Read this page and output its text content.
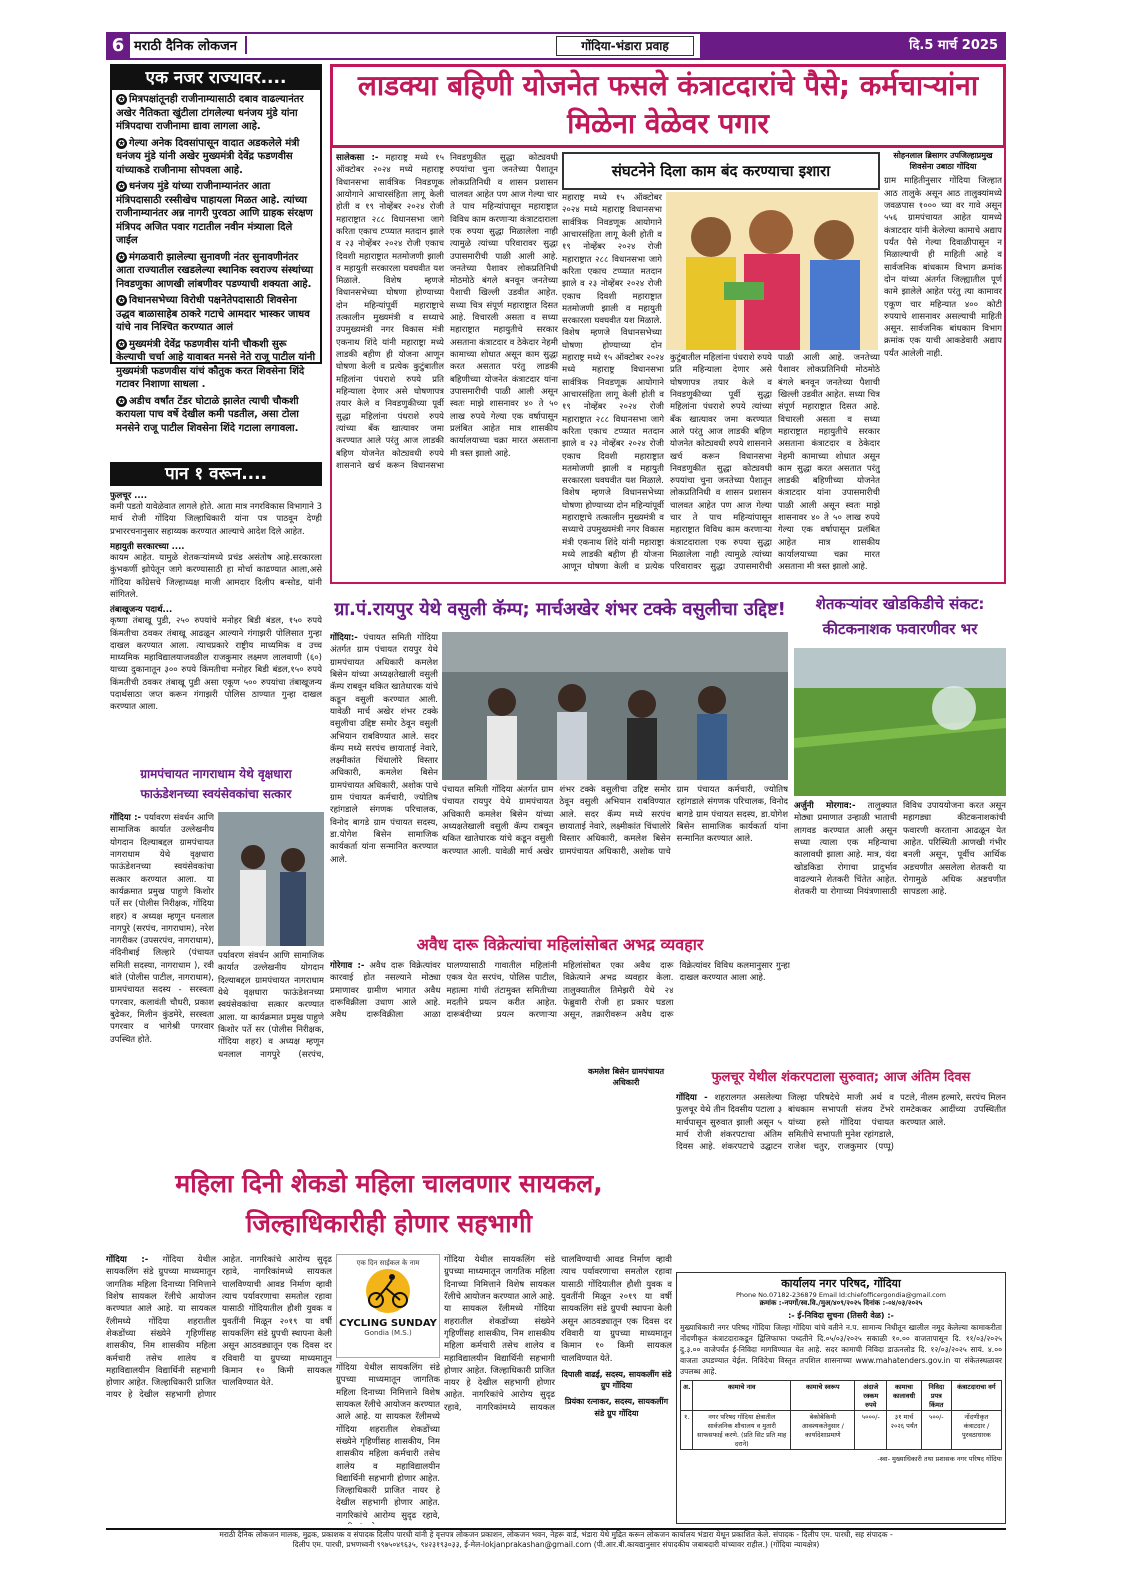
6 मराठी दैनिक लोकजन	दि.5 मार्च 2025
गोंदिया-भंडारा प्रवाह
एक नजर राज्यावर....
✪ मित्रपक्षांतूनही राजीनाम्यासाठी दबाव वाढल्यानंतर अखेर नैतिकता खुंटीला टांगलेल्या धनंजय मुंडे यांना मंत्रिपदाचा राजीनामा द्यावा लागला आहे.
✪ गेल्या अनेक दिवसांपासून वादात अडकलेले मंत्री धनंजय मुंडे यांनी अखेर मुख्यमंत्री देवेंद्र फडणवीस यांच्याकडे राजीनामा सोपवला आहे.
✪ धनंजय मुंडे यांच्या राजीनाम्यानंतर आता मंत्रिपदासाठी रस्सीखेच पाहायला मिळत आहे. त्यांच्या राजीनाम्यानंतर अन्न नागरी पुरवठा आणि ग्राहक संरक्षण मंत्रिपद अजित पवार गटातील नवीन मंत्र्याला दिले जाईल
✪ मंगळवारी झालेल्या सुनावणी नंतर सुनावणीनंतर आता राज्यातील रखडलेल्या स्थानिक स्वराज्य संस्थांच्या निवडणुका आणखी लांबणीवर पडण्याची शक्यता आहे.
✪ विधानसभेच्या विरोधी पक्षनेतेपदासाठी शिवसेना उद्धव बाळासाहेब ठाकरे गटाचे आमदार भास्कर जाधव यांचे नाव निश्चित करण्यात आलं
✪ मुख्यमंत्री देवेंद्र फडणवीस यांनी चौकशी सुरू केल्याची चर्चा आहे यावाबत मनसे नेते राजू पाटील यांनी मुख्यमंत्री फडणवीस यांचं कौतुक करत शिवसेना शिंदे गटावर निशाणा साधला .
✪ अडीच वर्षांत टेंडर घोटाळे झालेत त्याची चौकशी करायला पाच वर्षे देखील कमी पडतील, असा टोला मनसेने राजू पाटील शिवसेना शिंदे गटाला लगावला.
पान १ वरून....
फुलचूर ....
कमी पडतो यावेळेवात लागले होते. आता मात्र नगरविकास विभागाने 3 मार्च रोजी गोंदिया जिल्हाधिकारी यांना पत्र पाठवून देण्ही प्रभाररचनानुसार सहाय्यक करण्यात आल्याचे आदेश दिले आहेत.
महायुती सरकारच्या ....
कायम आहेत. यामुळे शेतकऱ्यांमध्ये प्रचंड असंतोष आहे.सरकारला कुंभकर्णी झोपेतून जागे करण्यासाठी हा मोर्चा काढण्यात आला,असे गोंदिया काँग्रेसचे जिल्हाध्यक्ष माजी आमदार दिलीप बन्सोड, यांनी सांगितले.
तंबाखूजन्य पदार्थ...
कृष्णा तंबाखू पुडी, २५० रुपयांचे मनोहर बिडी बंडल, १५० रुपये किंमतीचा ठवकर तंबाखू आढळून आल्याने गंगाझरी पोलिसात गुन्हा दाखल करण्यात आला. त्याचप्रकारे राष्ट्रीय माध्यमिक व उच्च माध्यमिक महाविद्यालयाजवळील राजकुमार लक्ष्मण लालवाणी (६०) याच्या दुकानातून ३०० रुपये किंमतीचा मनोहर बिडी बंडल,१५० रुपये किंमतीची ठवकर तंबाखू पुडी असा एकूण ५०० रुपयांचा तंबाखूजन्य पदार्थसाठा जप्त करून गंगाझरी पोलिस ठाण्यात गुन्हा दाखल करण्यात आला.
लाडक्या बहिणी योजनेत फसले कंत्राटदारांचे पैसे; कर्मचाऱ्यांना मिळेना वेळेवर पगार
सालेकसा :- महाराष्ट्र मध्ये १५ ऑक्टोबर २०२४ मध्ये महाराष्ट्र विधानसभा सार्वत्रिक निवडणूक आयोगाने आचारसंहिता लागू केली होती व १९ नोव्हेंबर २०२४ रोजी महाराष्ट्रात २८८ विधानसभा जागे करिता एकाच टप्प्यात मतदान झाले व २३ नोव्हेंबर २०२४ रोजी एकाच दिवशी महाराष्ट्रात मतमोजणी झाली व महायुती सरकारला घवघवीत यश मिळाले. विशेष म्हणजे विधानसभेच्या घोषणा होण्याच्या दोन महिन्यांपूर्वी महाराष्ट्राचे तत्कालीन मुख्यमंत्री व सध्याचे उपमुख्यमंत्री नगर विकास मंत्री एकनाथ शिंदे यांनी महाराष्ट्रा मध्ये लाडकी बहीण ही योजना आणून घोषणा केली व प्रत्येक कुटुंबातील महिलांना पंधराशे रुपये प्रति महिन्याला देणार असे घोषणापत्र तयार केले व निवडणुकीच्या पूर्वी सुद्धा महिलांना पंधराशे रुपये त्यांच्या बँक खात्यावर जमा करण्यात आले परंतु आज लाडकी बहिण योजनेत कोट्यवधी रुपये शासनाने खर्च करून विधानसभा निवडणुकीत सुद्धा कोट्यवधी रुपयांचा चुना जनतेच्या पैशातून लोकप्रतिनिधी व शासन प्रशासन चालवत आहेत पण आज गेल्या चार ते पाच महिन्यांपासून महाराष्ट्रात विविध काम करणाऱ्या कंत्राटदाराला एक रुपया सुद्धा मिळालेला नाही त्यामुळे त्यांच्या परिवारावर सुद्धा उपासमारीची पाळी आली आहे. जनतेच्या पैशावर लोकप्रतिनिधी मोठमोठे बंगले बनवून जनतेच्या पैशाची खिल्ली उडवीत आहेत. सध्या चित्र संपूर्ण महाराष्ट्रात दिसत आहे. विचारली असता व सध्या महाराष्ट्रात महायुतीचे सरकार असताना कंत्राटदार व ठेकेदार नेहमी कामाच्या शोधात असून काम सुद्धा करत असतात परंतु लाडकी बहिणीच्या योजनेत कंत्राटदार यांना उपासमारीची पाळी आली असून स्वतः माझे शासनावर ४० ते ५० लाख रुपये गेल्या एक वर्षापासून प्रलंबित आहेत मात्र शासकीय कार्यालयाच्या चक्रा मारत असताना मी त्रस्त झालो आहे.
संघटनेने दिला काम बंद करण्याचा इशारा
महाराष्ट्र मध्ये १५ ऑक्टोबर २०२४ मध्ये महाराष्ट्र विधानसभा सार्वत्रिक निवडणूक आयोगाने आचारसंहिता लागू केली होती व १९ नोव्हेंबर २०२४ रोजी महाराष्ट्रात २८८ विधानसभा जागे करिता एकाच टप्प्यात मतदान झाले व २३ नोव्हेंबर २०२४ रोजी एकाच दिवशी महाराष्ट्रात मतमोजणी झाली व महायुती सरकारला घवघवीत यश मिळाले. विशेष म्हणजे विधानसभेच्या घोषणा होण्याच्या दोन
महाराष्ट्र मध्ये १५ ऑक्टोबर २०२४ मध्ये महाराष्ट्र विधानसभा सार्वत्रिक निवडणूक आयोगाने आचारसंहिता लागू केली होती व १९ नोव्हेंबर २०२४ रोजी महाराष्ट्रात २८८ विधानसभा जागे करिता एकाच टप्प्यात मतदान झाले व २३ नोव्हेंबर २०२४ रोजी एकाच दिवशी महाराष्ट्रात मतमोजणी झाली व महायुती सरकारला घवघवीत यश मिळाले. विशेष म्हणजे विधानसभेच्या घोषणा होण्याच्या दोन महिन्यांपूर्वी महाराष्ट्राचे तत्कालीन मुख्यमंत्री व सध्याचे उपमुख्यमंत्री नगर विकास मंत्री एकनाथ शिंदे यांनी महाराष्ट्रा मध्ये लाडकी बहीण ही योजना आणून घोषणा केली व प्रत्येक कुटुंबातील महिलांना पंधराशे रुपये प्रति महिन्याला देणार असे घोषणापत्र तयार केले व निवडणुकीच्या पूर्वी सुद्धा महिलांना पंधराशे रुपये त्यांच्या बँक खात्यावर जमा करण्यात आले परंतु आज लाडकी बहिण योजनेत कोट्यवधी रुपये शासनाने खर्च करून विधानसभा निवडणुकीत सुद्धा कोट्यवधी रुपयांचा चुना जनतेच्या पैशातून लोकप्रतिनिधी व शासन प्रशासन चालवत आहेत पण आज गेल्या चार ते पाच महिन्यांपासून महाराष्ट्रात विविध काम करणाऱ्या कंत्राटदाराला एक रुपया सुद्धा मिळालेला नाही त्यामुळे त्यांच्या परिवारावर सुद्धा उपासमारीची पाळी आली आहे. जनतेच्या पैशावर लोकप्रतिनिधी मोठमोठे बंगले बनवून जनतेच्या पैशाची खिल्ली उडवीत आहेत. सध्या चित्र संपूर्ण महाराष्ट्रात दिसत आहे. विचारली असता व सध्या महाराष्ट्रात महायुतीचे सरकार असताना कंत्राटदार व ठेकेदार नेहमी कामाच्या शोधात असून काम सुद्धा करत असतात परंतु लाडकी बहिणीच्या योजनेत कंत्राटदार यांना उपासमारीची पाळी आली असून स्वतः माझे शासनावर ४० ते ५० लाख रुपये गेल्या एक वर्षापासून प्रलंबित आहेत मात्र शासकीय कार्यालयाच्या चक्रा मारत असताना मी त्रस्त झालो आहे.
सोहनलाल ब्रिसागर उपजिल्हाप्रमुख शिवसेना उबाठा गोंदिया
ग्राम माहितीनुसार गोंदिया जिल्हात आठ तालुके असून आठ तालुक्यांमध्ये जवळपास १००० च्या वर गावे असून ५५६ ग्रामपंचायत आहेत यामध्ये कंत्राटदार यांनी केलेल्या कामाचे अद्याप पर्यंत पैसे गेल्या दिवाळीपासून न मिळाल्याची ही माहिती आहे व सार्वजनिक बांधकाम विभाग क्रमांक दोन यांच्या अंतर्गत जिल्ह्यातील पूर्ण कामे झालेले आहेत परंतु त्या कामावर एकूण चार महिन्यात ४०० कोटी रुपयाचे शासनावर असल्याची माहिती असून. सार्वजनिक बांधकाम विभाग क्रमांक एक याची आकडेवारी अद्याप पर्यंत आलेली नाही.
ग्रा.पं.रायपुर येथे वसुली कॅम्प; मार्चअखेर शंभर टक्के वसुलीचा उद्दिष्ट!
गोंदिया:- पंचायत समिती गोंदिया अंतर्गत ग्राम पंचायत रायपुर येथे ग्रामपंचायत अधिकारी कमलेश बिसेन यांच्या अध्यक्षतेखाली वसुली कॅम्प राबवून थकित खातेधारक यांचे कडून वसुली करण्यात आली. यावेळी मार्च अखेर शंभर टक्के वसुलीचा उद्दिष्ट समोर ठेवून वसुली अभियान राबविण्यात आले. सदर कॅम्प मध्ये सरपंच छायाताई नेवारे, लक्ष्मीकांत चिंधालोरे विस्तार अधिकारी, कमलेश बिसेन ग्रामपंचायत अधिकारी, अशोक पाचे ग्राम पंचायत कर्मचारी, ज्योतिष रहांगडाले संगणक परिचालक, विनोद बागडे ग्राम पंचायत सदस्य, डा.योगेश बिसेन सामाजिक कार्यकर्ता यांना सन्मानित करण्यात आले.
पंचायत समिती गोंदिया अंतर्गत ग्राम पंचायत रायपुर येथे ग्रामपंचायत अधिकारी कमलेश बिसेन यांच्या अध्यक्षतेखाली वसुली कॅम्प राबवून थकित खातेधारक यांचे कडून वसुली करण्यात आली. यावेळी मार्च अखेर शंभर टक्के वसुलीचा उद्दिष्ट समोर ठेवून वसुली अभियान राबविण्यात आले. सदर कॅम्प मध्ये सरपंच छायाताई नेवारे, लक्ष्मीकांत चिंधालोरे विस्तार अधिकारी, कमलेश बिसेन ग्रामपंचायत अधिकारी, अशोक पाचे ग्राम पंचायत कर्मचारी, ज्योतिष रहांगडाले संगणक परिचालक, विनोद बागडे ग्राम पंचायत सदस्य, डा.योगेश बिसेन सामाजिक कार्यकर्ता यांना सन्मानित करण्यात आले.
शेतकऱ्यांवर खोडकिडीचे संकट: कीटकनाशक फवारणीवर भर
अर्जुनी मोरगाव:- तालुक्यात मोठ्या प्रमाणात उन्हाळी भाताची लागवड करण्यात आली असून सध्या त्याला एक महिन्याचा कालावधी झाला आहे. मात्र, यंदा खोडकिडा रोगाचा प्रादुर्भाव वाढल्याने शेतकरी चिंतेत आहेत. शेतकरी या रोगाच्या नियंत्रणासाठी विविध उपाययोजना करत असून महागड्या कीटकनाशकांची फवारणी करताना आढळून येत आहेत. परिस्थिती आणखी गंभीर बनली असून, पूर्वीच आर्थिक अडचणीत असलेला शेतकरी या रोगामुळे अधिक अडचणीत सापडला आहे.
ग्रामपंचायत नागराधाम येथे वृक्षधारा फाऊंडेशनच्या स्वयंसेवकांचा सत्कार
गोंदिया :- पर्यावरण संवर्धन आणि सामाजिक कार्यात उल्लेखनीय योगदान दिल्याबद्दल ग्रामपंचायत नागराधाम येथे वृक्षधारा फाऊंडेशनच्या स्वयंसेवकांचा सत्कार करण्यात आला. या कार्यक्रमात प्रमुख पाहुणे किशोर पर्ते सर (पोलीस निरीक्षक, गोंदिया शहर) व अध्यक्ष म्हणून धनलाल नागपुरे (सरपंच, नागराधाम), नरेश नागरीकर (उपसरपंच, नागराधाम), नंदिनीबाई लिल्हारे (पंचायत समिती सदस्या, नागराधाम ), रवी बांते (पोलीस पाटील, नागराधाम), ग्रामपंचायत सदस्य - सरस्वता पगरवार, कलावंती चौधरी, प्रकाश बुढेकर, मिलीन कुंडमेरे, सरस्वता पगरवार व भागेश्री पगरवार उपस्थित होते.
अवैध दारू विक्रेत्यांचा महिलांसोबत अभद्र व्यवहार
पर्यावरण संवर्धन आणि सामाजिक कार्यात उल्लेखनीय योगदान दिल्याबद्दल ग्रामपंचायत नागराधाम येथे वृक्षधारा फाऊंडेशनच्या स्वयंसेवकांचा सत्कार करण्यात आला. या कार्यक्रमात प्रमुख पाहुणे किशोर पर्ते सर (पोलीस निरीक्षक, गोंदिया शहर) व अध्यक्ष म्हणून धनलाल नागपुरे (सरपंच,
गोरेगाव :- अवैध दारू विक्रेत्यांवर कारवाई होत नसल्याने मोठ्या प्रमाणावर ग्रामीण भागात अवैध दारूविक्रीला उधाण आले आहे. अवैध दारूविक्रीला आळा घालण्यासाठी गावातील महिलांनी एकत्र येत सरपंच, पोलिस पाटील, महात्मा गांधी तंटामुक्त समितीच्या मदतीने प्रयत्न करीत आहेत. दारूबंदीच्या प्रयत्न करणाऱ्या महिलांसोबत एका अवैध दारू विक्रेत्याने अभद्र व्यवहार केला. तालुक्यातील तिमेझरी येथे २४ फेब्रुवारी रोजी हा प्रकार घडला असून, तक्रारीवरून अवैध दारू विक्रेत्यांवर विविध कलमानुसार गुन्हा दाखल करण्यात आला आहे.
फुलचूर येथील शंकरपटाला सुरुवात; आज अंतिम दिवस
गोंदिया - शहरालगत असलेल्या फुलचूर येथे तीन दिवसीय पटाला ३ मार्चपासून सुरुवात झाली असून ५ मार्च रोजी शंकरपटाचा अंतिम दिवस आहे. शंकरपटाचे उद्घाटन जिल्हा परिषदेचे माजी अर्थ व बांधकाम सभापती संजय टेंभरे यांच्या हस्ते गोंदिया पंचायत समितीचे सभापती मुनेश रहांगडाले, राजेश चतुर, राजकुमार (पप्पू) पटले, नीलम हल्मारे, सरपंच मिलन रामटेककर आदींच्या उपस्थितीत करण्यात आले.
कमलेश बिसेन ग्रामपंचायत अधिकारी
महिला दिनी शेकडो महिला चालवणार सायकल, जिल्हाधिकारीही होणार सहभागी
गोंदिया :- गोंदिया येथील सायकलिंग संडे ग्रुपच्या माध्यमातून जागतिक महिला दिनाच्या निमित्ताने विशेष सायकल रॅलीचे आयोजन करण्यात आले आहे. या सायकल रॅलीमध्ये गोंदिया शहरातील शेकडोंच्या संख्येने गृहिणींसह शासकीय, निम शासकीय महिला कर्मचारी तसेच शालेय व महाविद्यालयीन विद्यार्थिनी सहभागी होणार आहेत. जिल्हाधिकारी प्राजित नायर हे देखील सहभागी होणार आहेत. नागरिकांचे आरोग्य सुदृढ रहावे, नागरिकांमध्ये सायकल चालविण्याची आवड निर्माण व्हावी त्याच पर्यावरणाचा समतोल रहावा यासाठी गोंदियातील हौशी युवक व युवतींनी मिळून २०१९ या वर्षी सायकलिंग संडे ग्रुपची स्थापना केली असून आठवड्यातून एक दिवस दर रविवारी या ग्रुपच्या माध्यमातून किमान १० किमी सायकल चालविण्यात येते.
एक दिन साईकल के नाम
CYCLING SUNDAY
Gondia (M.S.)
गोंदिया येथील सायकलिंग संडे ग्रुपच्या माध्यमातून जागतिक महिला दिनाच्या निमित्ताने विशेष सायकल रॅलीचे आयोजन करण्यात आले आहे. या सायकल रॅलीमध्ये गोंदिया शहरातील शेकडोंच्या संख्येने गृहिणींसह शासकीय, निम शासकीय महिला कर्मचारी तसेच शालेय व महाविद्यालयीन विद्यार्थिनी सहभागी होणार आहेत. जिल्हाधिकारी प्राजित नायर हे देखील सहभागी होणार आहेत. नागरिकांचे आरोग्य सुदृढ रहावे,
गोंदिया येथील सायकलिंग संडे ग्रुपच्या माध्यमातून जागतिक महिला दिनाच्या निमित्ताने विशेष सायकल रॅलीचे आयोजन करण्यात आले आहे. या सायकल रॅलीमध्ये गोंदिया शहरातील शेकडोंच्या संख्येने गृहिणींसह शासकीय, निम शासकीय महिला कर्मचारी तसेच शालेय व महाविद्यालयीन विद्यार्थिनी सहभागी होणार आहेत. जिल्हाधिकारी प्राजित नायर हे देखील सहभागी होणार आहेत. नागरिकांचे आरोग्य सुदृढ रहावे, नागरिकांमध्ये सायकल चालविण्याची आवड निर्माण व्हावी त्याच पर्यावरणाचा समतोल रहावा यासाठी गोंदियातील हौशी युवक व युवतींनी मिळून २०१९ या वर्षी सायकलिंग संडे ग्रुपची स्थापना केली असून आठवड्यातून एक दिवस दर रविवारी या ग्रुपच्या माध्यमातून किमान १० किमी सायकल चालविण्यात येते.
दिपाली वाढई, सदस्य, सायकलींग संडे ग्रुप गोंदिया
प्रियंका रत्नाकर, सदस्य, सायकलींग संडे ग्रुप गोंदिया
कार्यालय नगर परिषद, गोंदिया
Phone No.07182-236879 Email Id:chiefofficergondia@gmail.com
क्रमांक :-नपगों/स्व.वि./मुअ/४०९/२०२५ दिनांक :-०४/०३/२०२५
:- ई-निविदा सुचना (तिसरी वेळ) :-
मुख्याधिकारी नगर परिषद गोंदिया जिल्हा गोंदिया यांचे वतीने न.प. सामान्य निधीतून खालील नमूद केलेल्या कामाकरीता नोंदणीकृत कंत्राटदाराकडून द्विलिफाफा पध्दतीने दि.०५/०३/२०२५ सकाळी १०.०० वाजतापासून दि. ११/०३/२०२५ दु.३.०० वाजेपर्यंत ई-निविदा मागविण्यात येत आहे. सदर कामाची निविदा डाऊनलोड दि. १२/०३/२०२५ सायं. ४.०० वाजता उघडण्यात येईल. निविदेचा विस्तृत तपशिल शासनाच्या www.mahatenders.gov.in या संकेतस्थळावर उपलब्ध आहे.
अ.	कामाचे नाव	कामाचे स्वरूप	अंदाजे रक्कम रुपये	कामाचा कालावधी	निविदा प्रपत्र किंमत	कंत्राटदाराचा वर्ग
१.	नगर परिषद गोंदिया क्षेत्रातील सार्वजनिक शौचालय व मुतारी साफसफाई करणे. (प्रति सिट प्रति माह दराने)	बेकोबेकिमी आवश्यकतेनुसार / कार्यादेशाप्रमाणे	५०००/-	३१ मार्च २०२६ पर्यंत	५००/-	नोंदणीकृत कंत्राटदार / पुरवठाधारक
-स्वा- मुख्याधिकारी तथा प्रशासक नगर परिषद गोंदिया
मराठी दैनिक लोकजन मालक, मुद्रक, प्रकाशक व संपादक दिलीप पारधी यांनी हे वृत्तपत्र लोकजन प्रकाशन, लोकजन भवन, नेहरू वार्ड, भंडारा येथे मुद्रित करून लोकजन कार्यालय भंडारा येथून प्रकाशित केले. संपादक - दिलीप एम. पारधी, सह संपादक -
दिलीप एम. पारधी, प्रभणध्वनी ९९७५०४९६३५, ९४२३१९३०३३, ई-मेल-lokjanprakashan@gmail.com (पी.आर.बी.कायद्यानुसार संपादकीय जबाबदारी यांच्यावर राहील.) (गोंदिया न्यायक्षेत्र)
